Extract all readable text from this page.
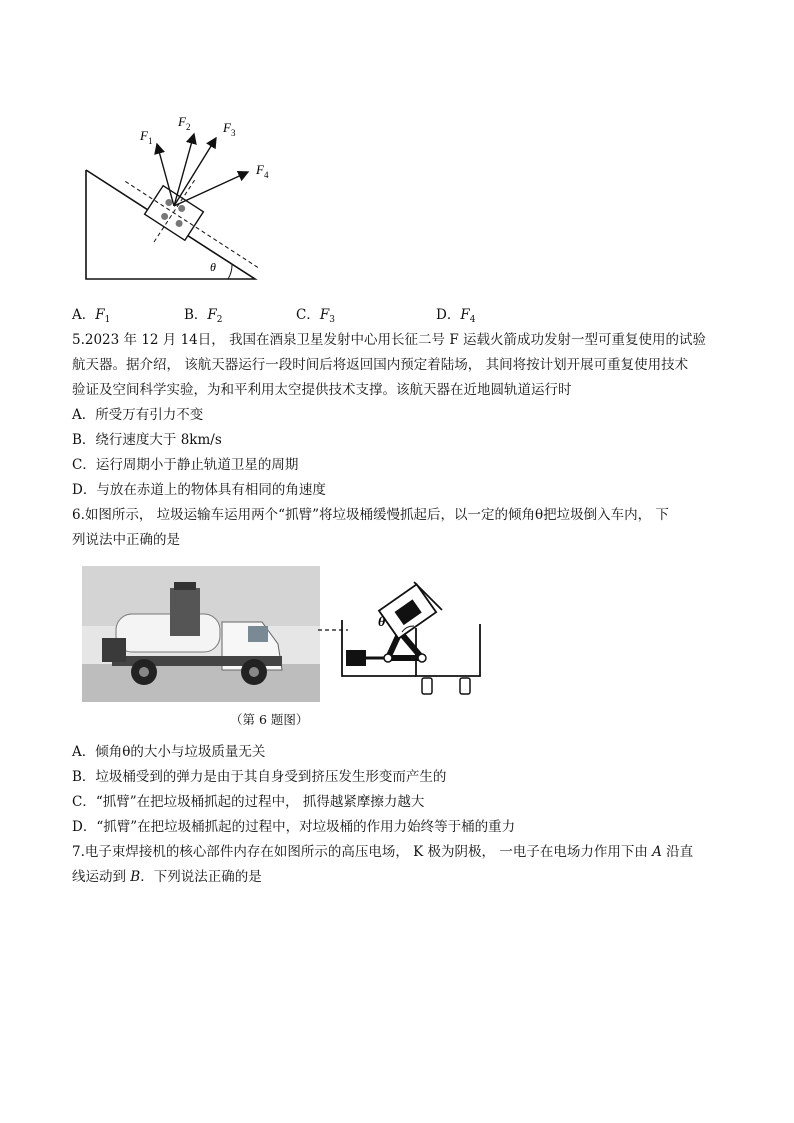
θ
$F_1$
$F_2$	$F_3$
$F_4$
A．$F_1$	B．$F_2$	C．$F_3$	D．$F_4$
5.2023 年 12 月 14日， 我国在酒泉卫星发射中心用长征二号 F 运载火箭成功发射一型可重复使用的试验
航天器。据介绍， 该航天器运行一段时间后将返回国内预定着陆场， 其间将按计划开展可重复使用技术
验证及空间科学实验，为和平利用太空提供技术支撑。该航天器在近地圆轨道运行时
A．所受万有引力不变
B．绕行速度大于 8km/s
C．运行周期小于静止轨道卫星的周期
D．与放在赤道上的物体具有相同的角速度
6.如图所示， 垃圾运输车运用两个“抓臂”将垃圾桶缓慢抓起后，以一定的倾角θ把垃圾倒入车内， 下
列说法中正确的是
θ
（第 6 题图）
A．倾角θ的大小与垃圾质量无关
B．垃圾桶受到的弹力是由于其自身受到挤压发生形变而产生的
C．“抓臂”在把垃圾桶抓起的过程中， 抓得越紧摩擦力越大
D．“抓臂”在把垃圾桶抓起的过程中，对垃圾桶的作用力始终等于桶的重力
7.电子束焊接机的核心部件内存在如图所示的高压电场， K 极为阴极， 一电子在电场力作用下由 A 沿直
线运动到 B．下列说法正确的是
